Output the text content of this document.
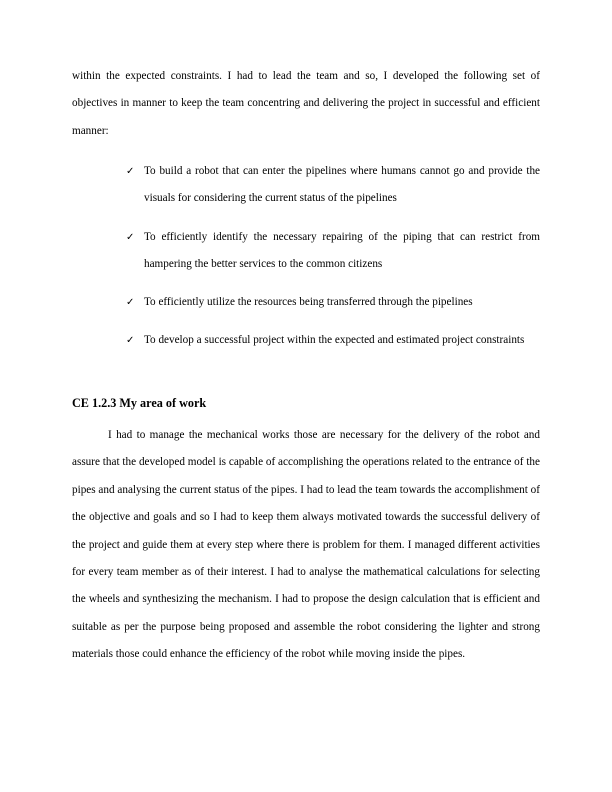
within the expected constraints. I had to lead the team and so, I developed the following set of objectives in manner to keep the team concentring and delivering the project in successful and efficient manner:

✓ To build a robot that can enter the pipelines where humans cannot go and provide the visuals for considering the current status of the pipelines
✓ To efficiently identify the necessary repairing of the piping that can restrict from hampering the better services to the common citizens
✓ To efficiently utilize the resources being transferred through the pipelines
✓ To develop a successful project within the expected and estimated project constraints
CE 1.2.3 My area of work

I had to manage the mechanical works those are necessary for the delivery of the robot and assure that the developed model is capable of accomplishing the operations related to the entrance of the pipes and analysing the current status of the pipes. I had to lead the team towards the accomplishment of the objective and goals and so I had to keep them always motivated towards the successful delivery of the project and guide them at every step where there is problem for them. I managed different activities for every team member as of their interest. I had to analyse the mathematical calculations for selecting the wheels and synthesizing the mechanism. I had to propose the design calculation that is efficient and suitable as per the purpose being proposed and assemble the robot considering the lighter and strong materials those could enhance the efficiency of the robot while moving inside the pipes.
